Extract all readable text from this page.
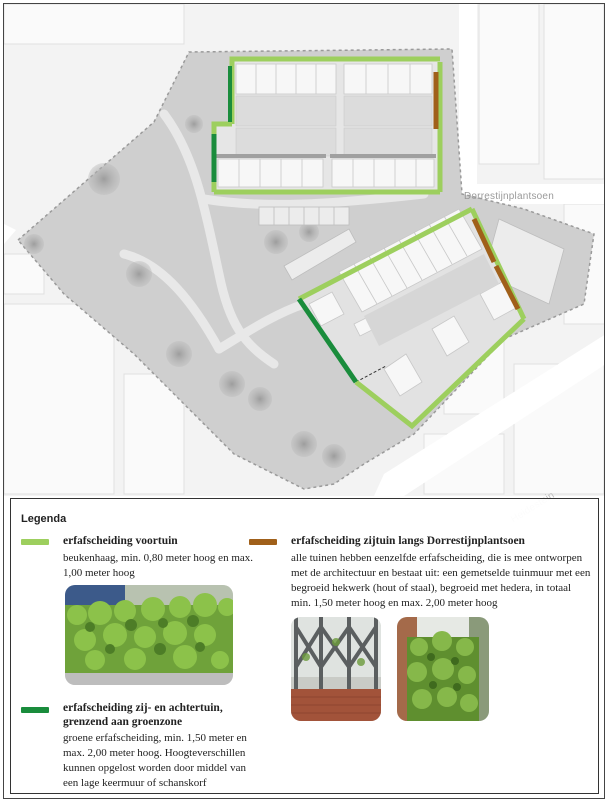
Dorrestijnplantsoen
Legenda
erfafscheiding voortuin
beukenhaag, min. 0,80 meter hoog en max. 1,00 meter hoog
erfafscheiding zij- en achtertuin, grenzend aan groenzone
groene erfafscheiding, min. 1,50 meter en max. 2,00 meter hoog. Hoogteverschillen kunnen opgelost worden door middel van een lage keermuur of schanskorf
erfafscheiding zijtuin langs Dorrestijnplantsoen
alle tuinen hebben eenzelfde erfafscheiding, die is mee ontworpen met de architectuur en bestaat uit: een gemetselde tuinmuur met een begroeid hekwerk (hout of staal), begroeid met hedera, in totaal min. 1,50 meter hoog en max. 2,00 meter hoog
